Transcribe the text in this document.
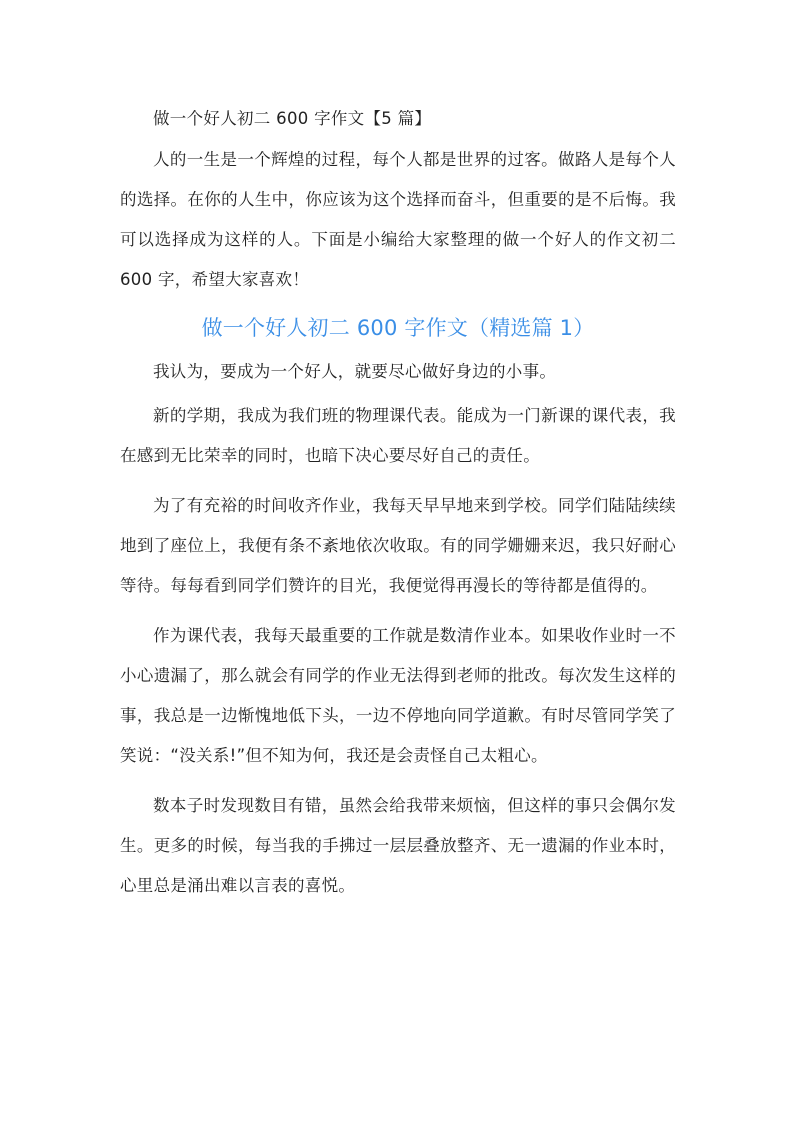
做一个好人初二 600 字作文【5 篇】

人的一生是一个辉煌的过程，每个人都是世界的过客。做路人是每个人的选择。在你的人生中，你应该为这个选择而奋斗，但重要的是不后悔。我可以选择成为这样的人。下面是小编给大家整理的做一个好人的作文初二 600 字，希望大家喜欢！

做一个好人初二 600 字作文（精选篇 1）

我认为，要成为一个好人，就要尽心做好身边的小事。

新的学期，我成为我们班的物理课代表。能成为一门新课的课代表，我在感到无比荣幸的同时，也暗下决心要尽好自己的责任。

为了有充裕的时间收齐作业，我每天早早地来到学校。同学们陆陆续续地到了座位上，我便有条不紊地依次收取。有的同学姗姗来迟，我只好耐心等待。每每看到同学们赞许的目光，我便觉得再漫长的等待都是值得的。

作为课代表，我每天最重要的工作就是数清作业本。如果收作业时一不小心遗漏了，那么就会有同学的作业无法得到老师的批改。每次发生这样的事，我总是一边惭愧地低下头，一边不停地向同学道歉。有时尽管同学笑了笑说：“没关系!”但不知为何，我还是会责怪自己太粗心。

数本子时发现数目有错，虽然会给我带来烦恼，但这样的事只会偶尔发生。更多的时候，每当我的手拂过一层层叠放整齐、无一遗漏的作业本时，心里总是涌出难以言表的喜悦。
